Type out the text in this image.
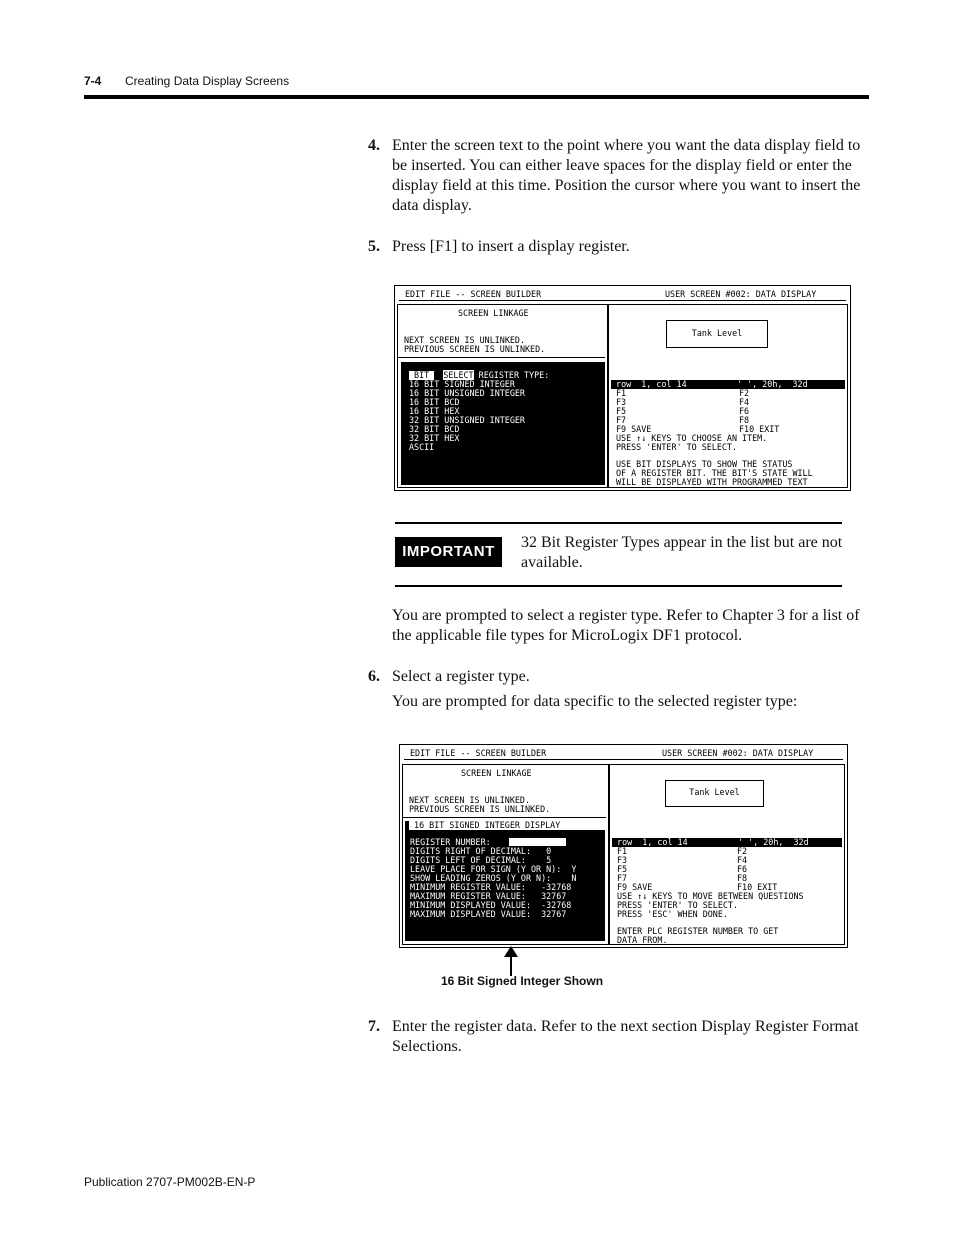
7-4 Creating Data Display Screens
4. Enter the screen text to the point where you want the data display field to be inserted. You can either leave spaces for the display field or enter the display field at this time. Position the cursor where you want to insert the data display.
5. Press [F1] to insert a display register.
EDIT FILE -- SCREEN BUILDER	USER SCREEN #002: DATA DISPLAY
SCREEN LINKAGE
NEXT SCREEN IS UNLINKED.
PREVIOUS SCREEN IS UNLINKED.

SELECT REGISTER TYPE:

BIT
16 BIT SIGNED INTEGER
16 BIT UNSIGNED INTEGER
16 BIT BCD
16 BIT HEX
32 BIT UNSIGNED INTEGER
32 BIT BCD
32 BIT HEX
ASCII
Tank Level
row  1, col 14          ' ', 20h,  32d
F1	F2
F3	F4
F5	F6
F7	F8
F9 SAVE	F10 EXIT
USE ↑↓ KEYS TO CHOOSE AN ITEM.
PRESS 'ENTER' TO SELECT.
USE BIT DISPLAYS TO SHOW THE STATUS
OF A REGISTER BIT. THE BIT'S STATE WILL
WILL BE DISPLAYED WITH PROGRAMMED TEXT
IMPORTANT
32 Bit Register Types appear in the list but are not available.
You are prompted to select a register type. Refer to Chapter 3 for a list of the applicable file types for MicroLogix DF1 protocol.
6. Select a register type.
You are prompted for data specific to the selected register type:
EDIT FILE -- SCREEN BUILDER	USER SCREEN #002: DATA DISPLAY
SCREEN LINKAGE
NEXT SCREEN IS UNLINKED.
PREVIOUS SCREEN IS UNLINKED.
16 BIT SIGNED INTEGER DISPLAY
REGISTER NUMBER:
DIGITS RIGHT OF DECIMAL:   0
DIGITS LEFT OF DECIMAL:    5
LEAVE PLACE FOR SIGN (Y OR N):  Y
SHOW LEADING ZEROS (Y OR N):    N
MINIMUM REGISTER VALUE:   -32768
MAXIMUM REGISTER VALUE:   32767
MINIMUM DISPLAYED VALUE:  -32768
MAXIMUM DISPLAYED VALUE:  32767
Tank Level
row  1, col 14          ' ', 20h,  32d
F1	F2
F3	F4
F5	F6
F7	F8
F9 SAVE	F10 EXIT
USE ↑↓ KEYS TO MOVE BETWEEN QUESTIONS
PRESS 'ENTER' TO SELECT.
PRESS 'ESC' WHEN DONE.
ENTER PLC REGISTER NUMBER TO GET
DATA FROM.
16 Bit Signed Integer Shown
7. Enter the register data. Refer to the next section Display Register Format Selections.
Publication 2707-PM002B-EN-P
